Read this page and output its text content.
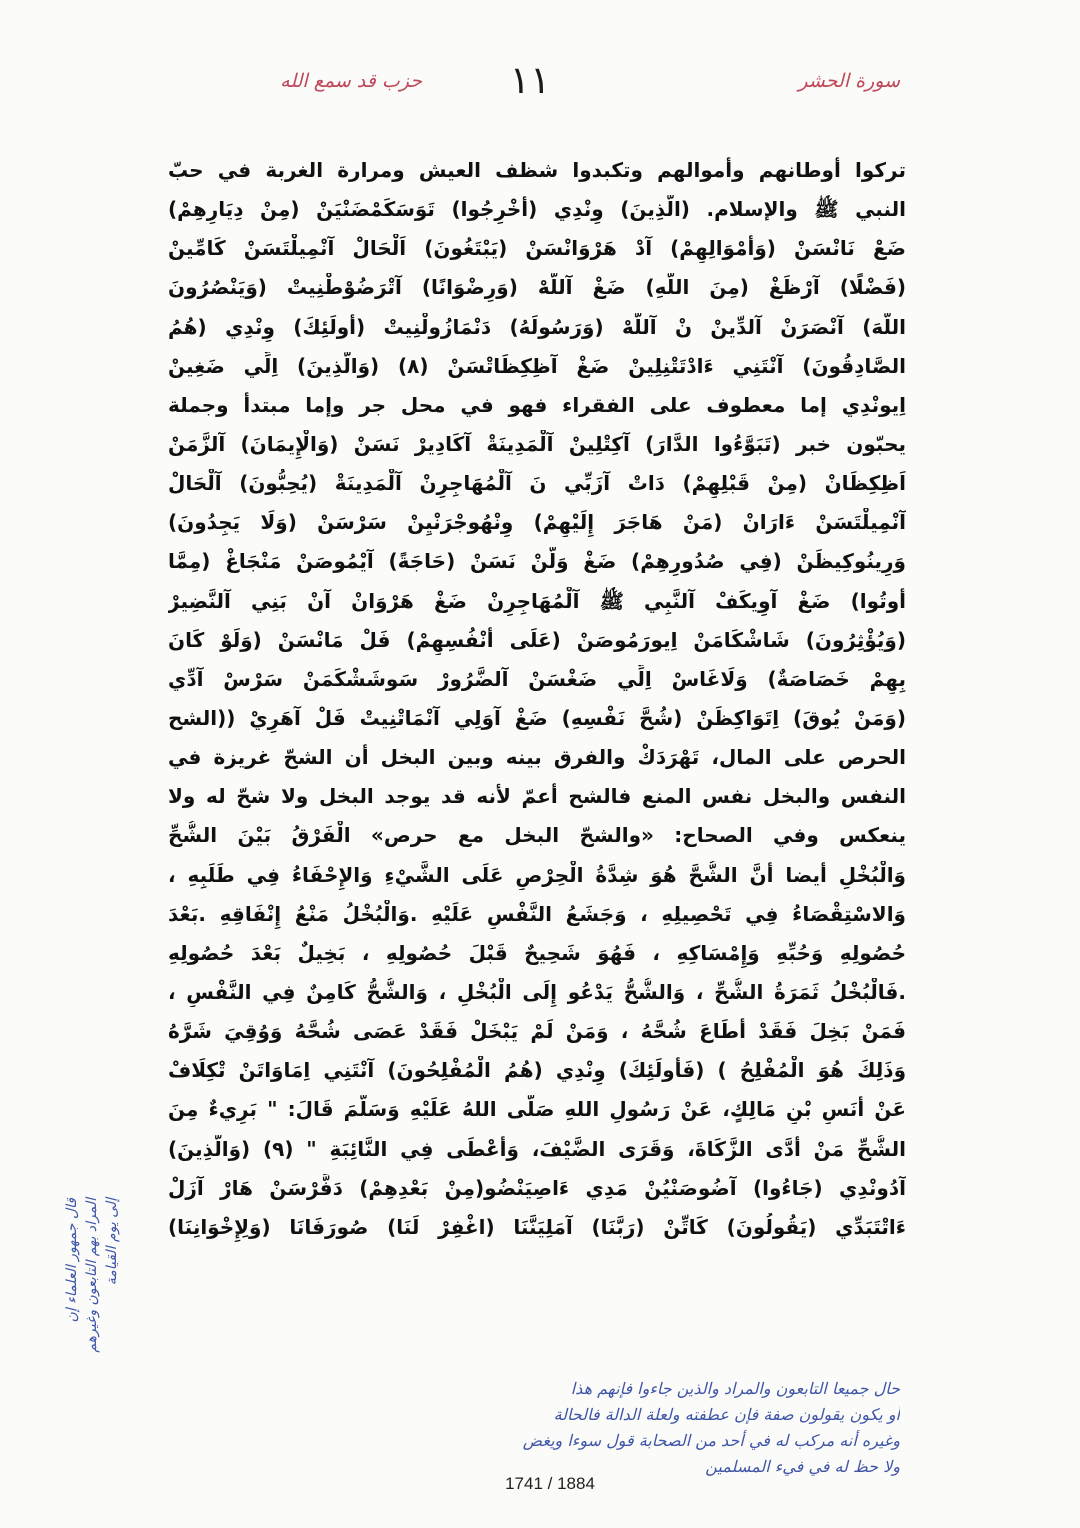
حزب قد سمع الله	١١	سورة الحشر
تركوا أوطانهم وأموالهم وتكبدوا شظف العيش ومرارة الغربة في حبّ
النبي ﷺ والإسلام. (الَّذِينَ) وِنْدِي (أُخْرِجُوا) تَوَسَكَمْضَنْيَنْ (مِنْ دِيَارِهِمْ)
ضَعْ نَانْسَنْ (وَأَمْوَالِهِمْ) آدْ هَرْوَانْسَنْ (يَبْتَغُونَ) اَلْحَالْ آنْمِيلْتَسَنْ كَامِّينْ
(فَضْلًا) آرْظَغْ (مِنَ اللَّهِ) ضَغْ آللّهْ (وَرِضْوَانًا) آتْرَضُوْطْنِيتْ (وَيَنْصُرُونَ
اللَّهَ) آنْصَرَنْ آلدِّينْ نْ آللّهْ (وَرَسُولَهُ) دَنْمَازُولْنِيتْ (أُولَئِكَ) وِنْدِي (هُمُ
الصَّادِقُونَ) آنْتَنِي ءَادْتَتْنِلِينْ ضَغْ آظِكِظَاتْسَنْ (٨) (وَالَّذِينَ) اِلِّي ضَغِينْ
اِيونْدِي إما معطوف على الفقراء فهو في محل جر وإما مبتدأ وجملة
يحبّون خبر (تَبَوَّءُوا الدَّارَ) آكِتْلِينْ آلْمَدِينَةْ آكَادِيرْ نَسَنْ (وَالْإِيمَانَ) آلزَّمَنْ
اَظِكِظَانْ (مِنْ قَبْلِهِمْ) دَاتْ آزَبِّي نَ آلْمُهَاجِرِنْ آلْمَدِينَةْ (يُحِبُّونَ) آلْحَالْ
آنْمِيلْتَسَنْ ءَارَانْ (مَنْ هَاجَرَ إِلَيْهِمْ) وِنْهُوجْرَنْيِنْ سَرْسَنْ (وَلَا يَجِدُونَ)
وَرِينُوكِيظَنْ (فِي صُدُورِهِمْ) ضَغْ وَلَّنْ نَسَنْ (حَاجَةً) آيْمُوصَنْ مَنْجَاغْ (مِمَّا
أُوتُوا) ضَغْ آوِيكَفْ آلنَّبِي ﷺ آلْمُهَاجِرِنْ ضَغْ هَرْوَانْ آنْ بَنِي آلنَّضِيرْ
(وَيُؤْثِرُونَ) شَاشْكَامَنْ اِيورَمُوصَنْ (عَلَى أَنْفُسِهِمْ) فَلْ مَانْسَنْ (وَلَوْ كَانَ
بِهِمْ خَصَاصَةٌ) وَلَاغَاسْ اِلِّي ضَغْسَنْ آلضَّرُورْ سَوشَشْكَمَنْ سَرْسْ آدِّي
(وَمَنْ يُوقَ) اِتَوَاكِظَنْ (شُحَّ نَفْسِهِ) ضَغْ آوَلِي آنْمَاتْنِيتْ فَلْ آهَرِيْ ((الشح
الحرص على المال، تَهْرَدَكْ والفرق بينه وبين البخل أن الشحّ غريزة في
النفس والبخل نفس المنع فالشح أعمّ لأنه قد يوجد البخل ولا شحّ له ولا
ينعكس وفي الصحاح: «والشحّ البخل مع حرص» الْفَرْقُ بَيْنَ الشُّحِّ
وَالْبُخْلِ أيضا أَنَّ الشُّحَّ هُوَ شِدَّةُ الْحِرْصِ عَلَى الشَّيْءِ وَالإِحْفَاءُ فِي طَلَبِهِ ،
وَالاسْتِقْصَاءُ فِي تَحْصِيلِهِ ، وَجَشَعُ النَّفْسِ عَلَيْهِ .وَالْبُخْلُ مَنْعُ إِنْفَاقِهِ .بَعْدَ
حُصُولِهِ وَحُبِّهِ وَإِمْسَاكِهِ ، فَهُوَ شَحِيحٌ قَبْلَ حُصُولِهِ ، بَخِيلٌ بَعْدَ حُصُولِهِ
.فَالْبُخْلُ ثَمَرَةُ الشُّحِّ ، وَالشُّحُّ يَدْعُو إِلَى الْبُخْلِ ، وَالشُّحُّ كَامِنٌ فِي النَّفْسِ ،
فَمَنْ بَخِلَ فَقَدْ أَطَاعَ شُحَّهُ ، وَمَنْ لَمْ يَبْخَلْ فَقَدْ عَصَى شُحَّهُ وَوُقِيَ شَرَّهُ
وَذَلِكَ هُوَ الْمُفْلِحُ ) (فَأُولَئِكَ) وِنْدِي (هُمُ الْمُفْلِحُونَ) آنْتَنِي اِمَاوَاتَنْ تْكِلَافْ
عَنْ أَنَسِ بْنِ مَالِكٍ، عَنْ رَسُولِ اللهِ صَلَّى اللهُ عَلَيْهِ وَسَلَّمَ قَالَ: " بَرِيءٌ مِنَ
الشُّحِّ مَنْ أَدَّى الزَّكَاةَ، وَقَرَى الضَّيْفَ، وَأَعْطَى فِي النَّائِبَةِ " (٩) (وَالَّذِينَ)
آدُونْدِي (جَاءُوا) آضُوصَنْيُنْ مَدِي ءَاصِيَنْضُو(مِنْ بَعْدِهِمْ) دَفَّرْسَنْ هَارْ آزَلْ
ءَاتْتَبَدِّي (يَقُولُونَ) كَاتِّنْ (رَبَّنَا) آمَلِيَنَّنَا (اغْفِرْ لَنَا) صُورَفَانَا (وَلِإِخْوَانِنَا)
قال جمهور العلماء إن المراد بهم التابعون وغيرهم إلى يوم القيامة
حال جميعا التابعون والمراد والذين جاءوا فإنهم هذا
أو يكون يقولون صفة فإن عطفته ولعلة الدالة فالحالة
وغيره أنه مركب له في أحد من الصحابة قول سوءا ويغض
ولا حظ له في فيء المسلمين
1741 / 1884
